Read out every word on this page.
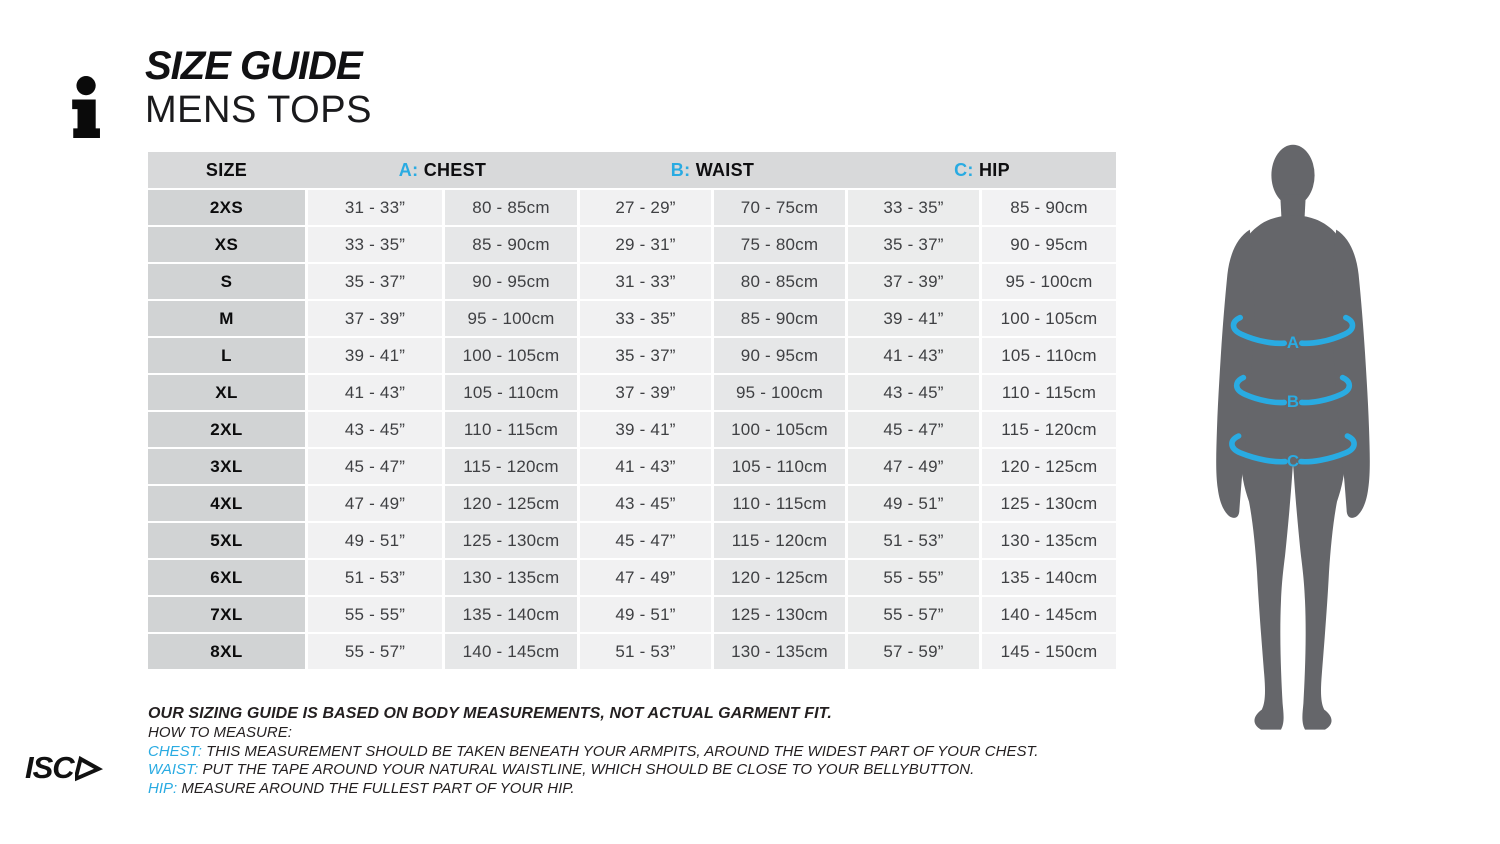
SIZE GUIDE
MENS TOPS
SIZE	A: CHEST	B: WAIST	C: HIP
2XS	31 - 33”	80 - 85cm	27 - 29”	70 - 75cm	33 - 35”	85 - 90cm
XS	33 - 35”	85 - 90cm	29 - 31”	75 - 80cm	35 - 37”	90 - 95cm
S	35 - 37”	90 - 95cm	31 - 33”	80 - 85cm	37 - 39”	95 - 100cm
M	37 - 39”	95 - 100cm	33 - 35”	85 - 90cm	39 - 41”	100 - 105cm
L	39 - 41”	100 - 105cm	35 - 37”	90 - 95cm	41 - 43”	105 - 110cm
XL	41 - 43”	105 - 110cm	37 - 39”	95 - 100cm	43 - 45”	110 - 115cm
2XL	43 - 45”	110 - 115cm	39 - 41”	100 - 105cm	45 - 47”	115 - 120cm
3XL	45 - 47”	115 - 120cm	41 - 43”	105 - 110cm	47 - 49”	120 - 125cm
4XL	47 - 49”	120 - 125cm	43 - 45”	110 - 115cm	49 - 51”	125 - 130cm
5XL	49 - 51”	125 - 130cm	45 - 47”	115 - 120cm	51 - 53”	130 - 135cm
6XL	51 - 53”	130 - 135cm	47 - 49”	120 - 125cm	55 - 55”	135 - 140cm
7XL	55 - 55”	135 - 140cm	49 - 51”	125 - 130cm	55 - 57”	140 - 145cm
8XL	55 - 57”	140 - 145cm	51 - 53”	130 - 135cm	57 - 59”	145 - 150cm
OUR SIZING GUIDE IS BASED ON BODY MEASUREMENTS, NOT ACTUAL GARMENT FIT.
HOW TO MEASURE:
CHEST: THIS MEASUREMENT SHOULD BE TAKEN BENEATH YOUR ARMPITS, AROUND THE WIDEST PART OF YOUR CHEST.
WAIST: PUT THE TAPE AROUND YOUR NATURAL WAISTLINE, WHICH SHOULD BE CLOSE TO YOUR BELLYBUTTON.
HIP: MEASURE AROUND THE FULLEST PART OF YOUR HIP.
ISC
A
B
C
